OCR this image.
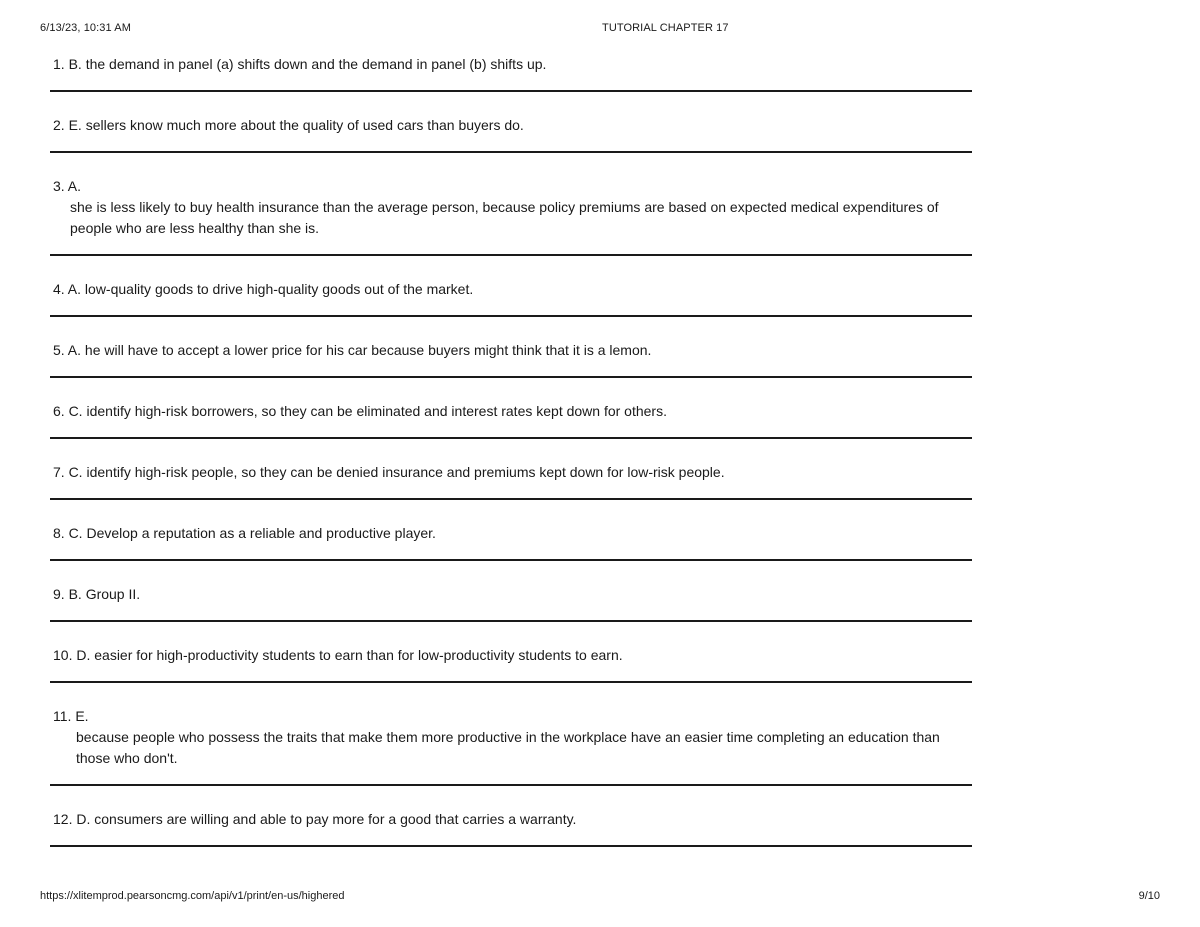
6/13/23, 10:31 AM	TUTORIAL CHAPTER 17
1. B. the demand in panel (a) shifts down and the demand in panel (b) shifts up.
2. E. sellers know much more about the quality of used cars than buyers do.
3. A.
she is less likely to buy health insurance than the average person, because policy premiums are based on expected medical expenditures of people who are less healthy than she is.
4. A. low-quality goods to drive high-quality goods out of the market.
5. A. he will have to accept a lower price for his car because buyers might think that it is a lemon.
6. C. identify high-risk borrowers, so they can be eliminated and interest rates kept down for others.
7. C. identify high-risk people, so they can be denied insurance and premiums kept down for low-risk people.
8. C. Develop a reputation as a reliable and productive player.
9. B. Group II.
10. D. easier for high-productivity students to earn than for low-productivity students to earn.
11. E.
because people who possess the traits that make them more productive in the workplace have an easier time completing an education than those who don't.
12. D. consumers are willing and able to pay more for a good that carries a warranty.
https://xlitemprod.pearsoncmg.com/api/v1/print/en-us/highered	9/10
